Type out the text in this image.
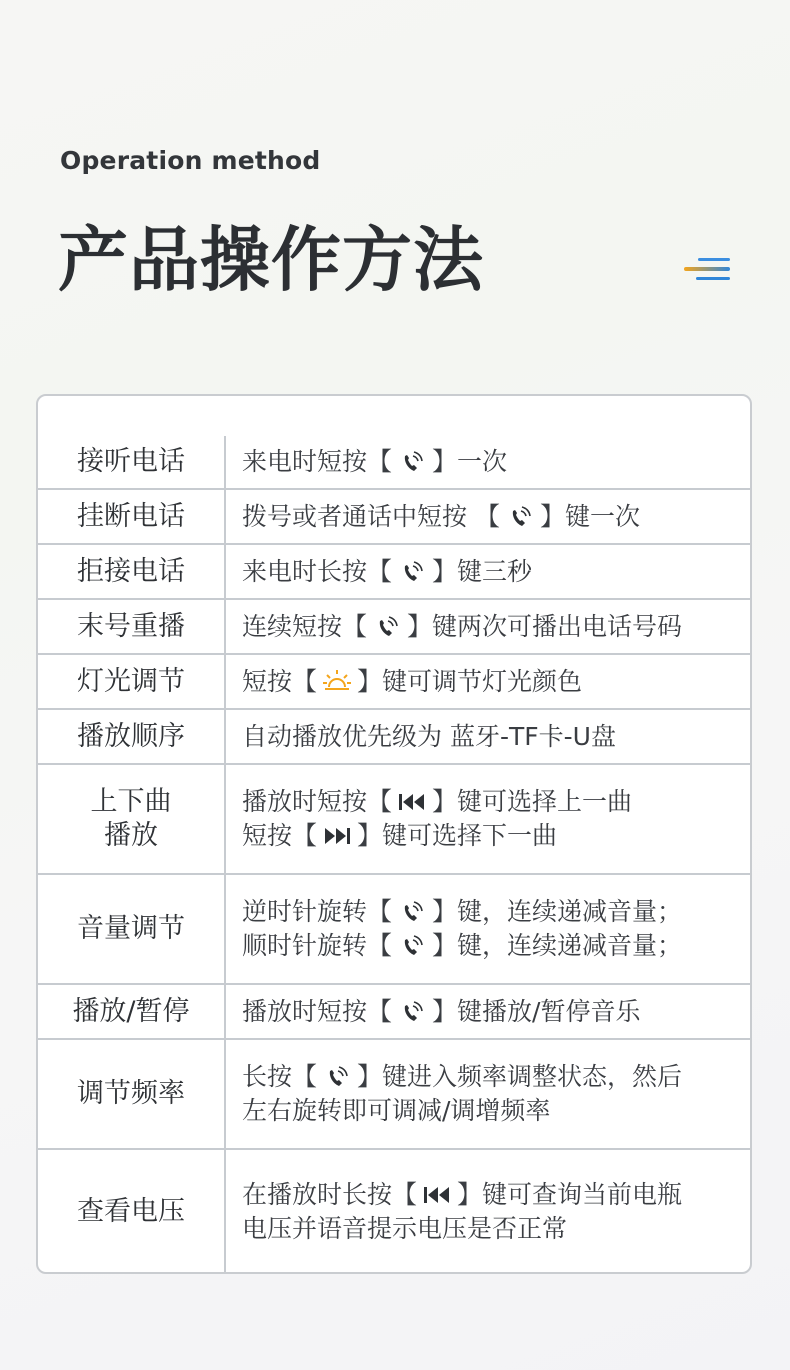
Operation method
产品操作方法
接听电话 来电时短按【 】一次
挂断电话 拨号或者通话中短按 【 】键一次
拒接电话 来电时长按【 】键三秒
末号重播 连续短按【 】键两次可播出电话号码
灯光调节 短按【 】键可调节灯光颜色
播放顺序 自动播放优先级为 蓝牙-TF卡-U盘
上下曲
播放
播放时短按【 】键可选择上一曲
短按【 】键可选择下一曲
音量调节
逆时针旋转【 】键，连续递减音量；
顺时针旋转【 】键，连续递减音量；
播放/暂停 播放时短按【 】键播放/暂停音乐
调节频率
长按【 】键进入频率调整状态，然后
左右旋转即可调减/调增频率
查看电压
在播放时长按【 】键可查询当前电瓶
电压并语音提示电压是否正常
